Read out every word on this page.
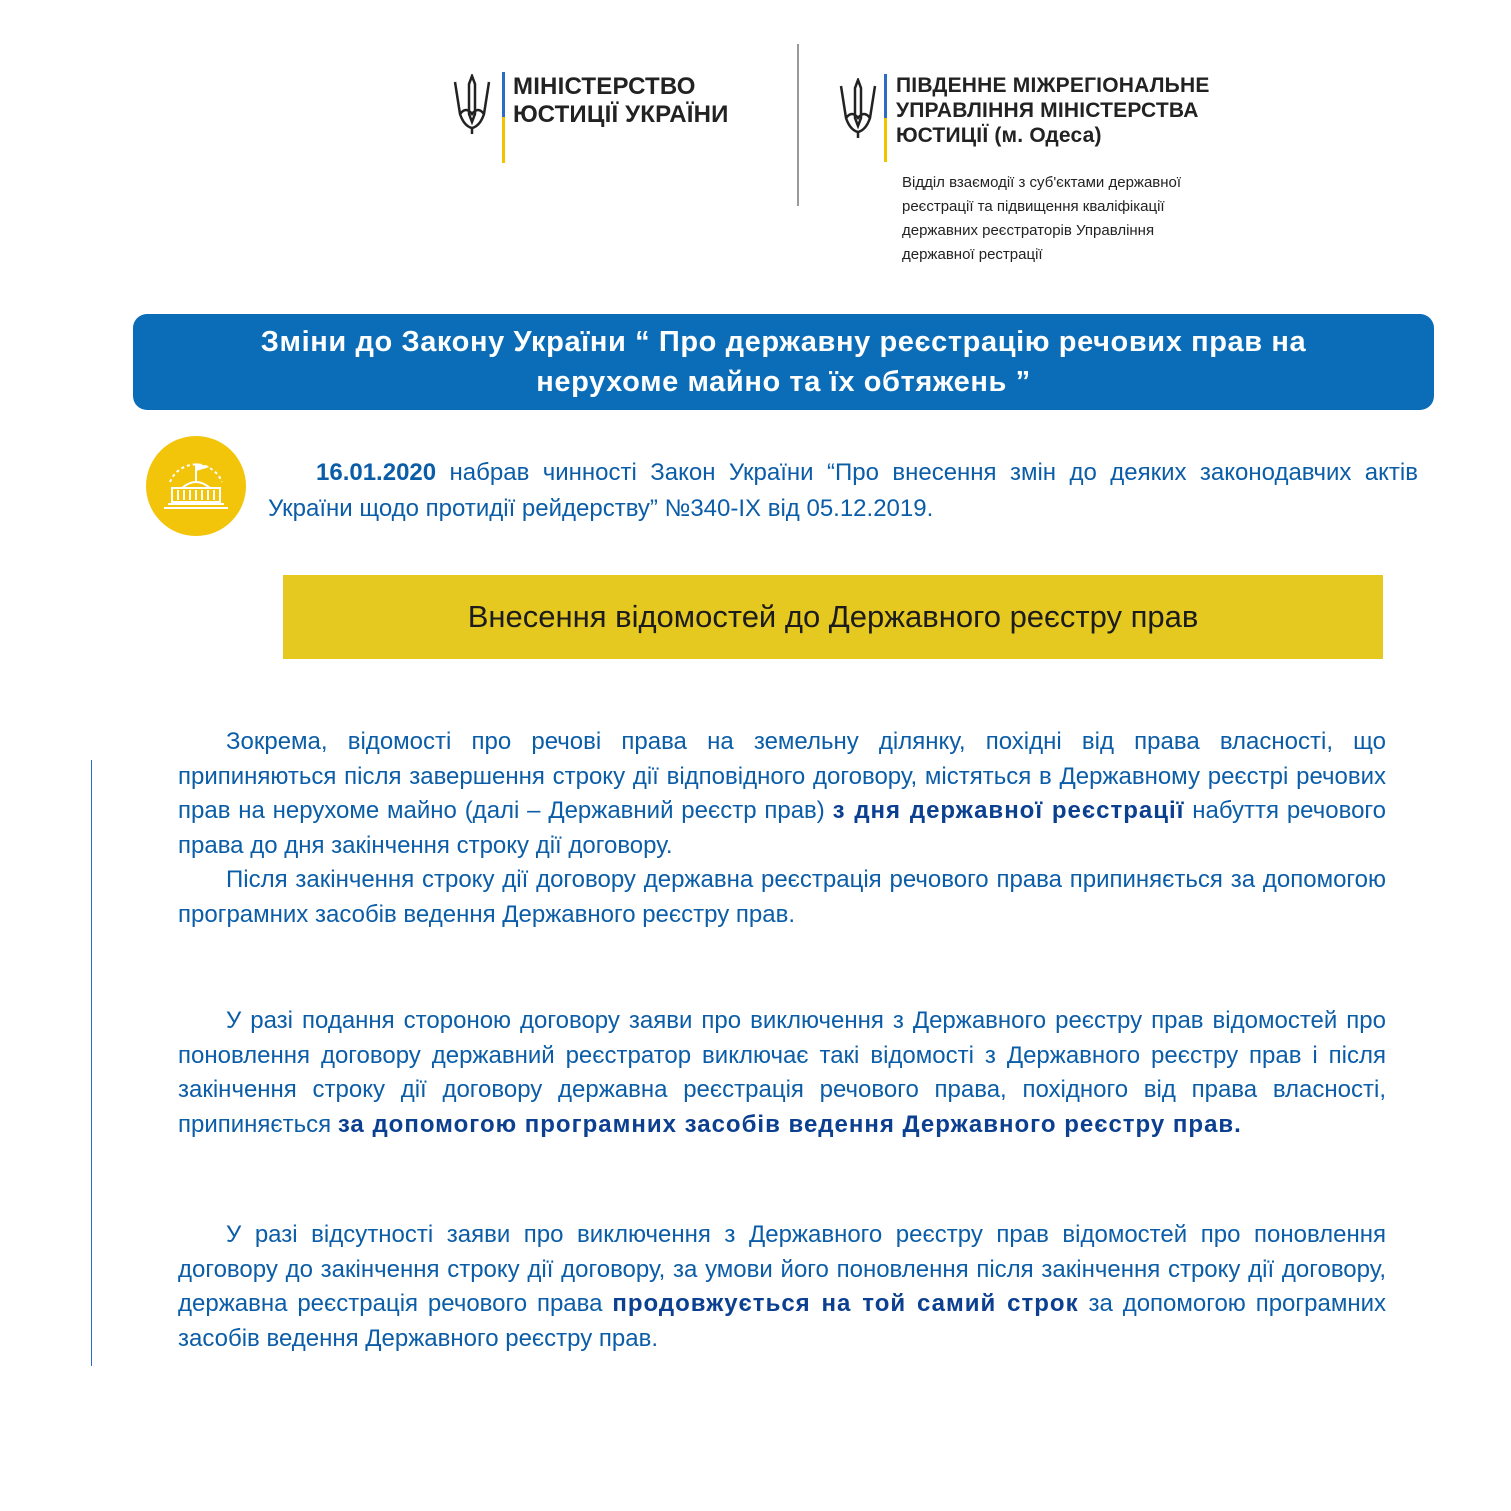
МІНІСТЕРСТВО
ЮСТИЦІЇ УКРАЇНИ
ПІВДЕННЕ МІЖРЕГІОНАЛЬНЕ
УПРАВЛІННЯ МІНІСТЕРСТВА
ЮСТИЦІЇ (м. Одеса)
Відділ взаємодії з суб'єктами державної
реєстрації та підвищення кваліфікації
державних реєстраторів Управління
державної рестрації
Зміни до Закону України “ Про державну реєстрацію речових прав на
нерухоме майно та їх обтяжень ”
16.01.2020 набрав чинності Закон України “Про внесення змін до деяких законодавчих актів України щодо протидії рейдерству” №340-IX від 05.12.2019.
Внесення відомостей до Державного реєстру прав

Зокрема, відомості про речові права на земельну ділянку, похідні від права власності, що припиняються після завершення строку дії відповідного договору, містяться в Державному реєстрі речових прав на нерухоме майно (далі – Державний реєстр прав) з дня державної реєстрації набуття речового права до дня закінчення строку дії договору.

Після закінчення строку дії договору державна реєстрація речового права припиняється за допомогою програмних засобів ведення Державного реєстру прав.

У разі подання стороною договору заяви про виключення з Державного реєстру прав відомостей про поновлення договору державний реєстратор виключає такі відомості з Державного реєстру прав і після закінчення строку дії договору державна реєстрація речового права, похідного від права власності, припиняється за допомогою програмних засобів ведення Державного реєстру прав.

У разі відсутності заяви про виключення з Державного реєстру прав відомостей про поновлення договору до закінчення строку дії договору, за умови його поновлення після закінчення строку дії договору, державна реєстрація речового права продовжується на той самий строк за допомогою програмних засобів ведення Державного реєстру прав.
